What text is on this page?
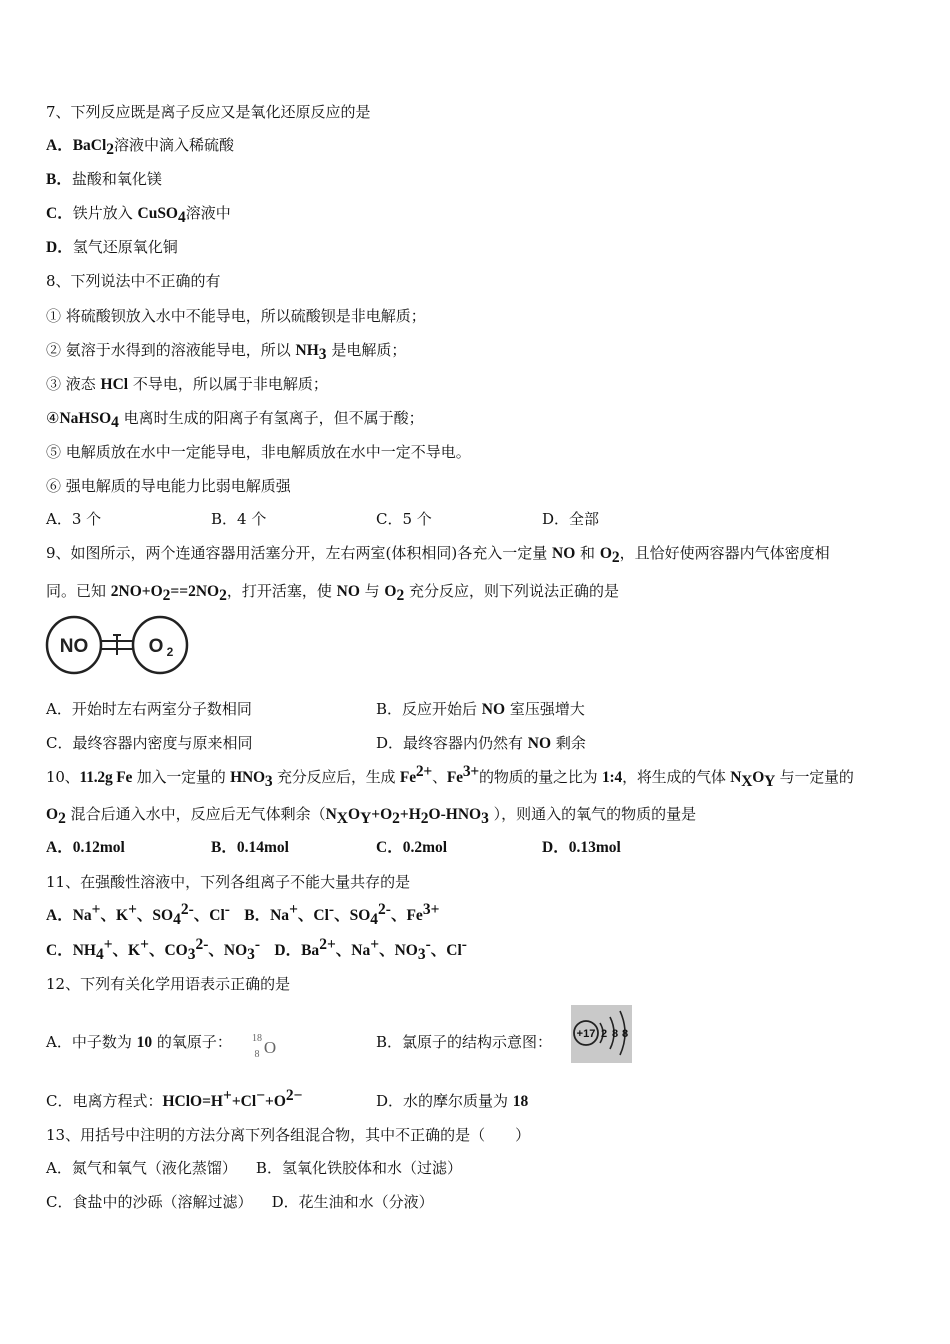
7、下列反应既是离子反应又是氧化还原反应的是
A．BaCl$_2$溶液中滴入稀硫酸
B．盐酸和氧化镁
C．铁片放入 CuSO$_4$溶液中
D．氢气还原氧化铜
8、下列说法中不正确的有
① 将硫酸钡放入水中不能导电，所以硫酸钡是非电解质；
② 氨溶于水得到的溶液能导电，所以 $NH_3$ 是电解质；
③ 液态 HCl 不导电，所以属于非电解质；
④NaHSO$_4$ 电离时生成的阳离子有氢离子，但不属于酸；
⑤ 电解质放在水中一定能导电，非电解质放在水中一定不导电。
⑥ 强电解质的导电能力比弱电解质强
A．3 个	B．4 个	C．5 个	D．全部
9、如图所示，两个连通容器用活塞分开，左右两室(体积相同)各充入一定量 NO 和 $O_2$，且恰好使两容器内气体密度相
同。已知 $2NO+O_2==2NO_2$，打开活塞，使 NO 与 $O_2$ 充分反应，则下列说法正确的是
NO	O 2
A．开始时左右两室分子数相同	B．反应开始后 NO 室压强增大
C．最终容器内密度与原来相同	D．最终容器内仍然有 NO 剩余
10、11.2g Fe 加入一定量的 $HNO_3$ 充分反应后，生成 $Fe^{2+}$、$Fe^{3+}$的物质的量之比为 1:4，将生成的气体 $N_XO_Y$ 与一定量的
$O_2$ 混合后通入水中，反应后无气体剩余（$N_XO_Y+O_2+H_2O-HNO_3$ ），则通入的氧气的物质的量是
A．0.12mol	B．0.14mol	C．0.2mol	D．0.13mol
11、在强酸性溶液中，下列各组离子不能大量共存的是
A．Na+、K+、$SO_4^{2-}$、Cl- B．Na+、Cl-、$SO_4^{2-}$、$Fe^{3+}$
C．$NH_4^+$、K+、$CO_3^{2-}$、$NO_3^-$ D．$Ba^{2+}$、Na+、$NO_3^-$、Cl-
12、下列有关化学用语表示正确的是
A．中子数为 10 的氧原子：	B．氯原子的结构示意图：
18
8 O
+17 2 8 8
C．电离方程式：$HClO=H^++Cl^-+O^{2-}$	D．水的摩尔质量为 18
13、用括号中注明的方法分离下列各组混合物，其中不正确的是（　　）
A．氮气和氧气（液化蒸馏） B．氢氧化铁胶体和水（过滤）
C．食盐中的沙砾（溶解过滤） D．花生油和水（分液）
